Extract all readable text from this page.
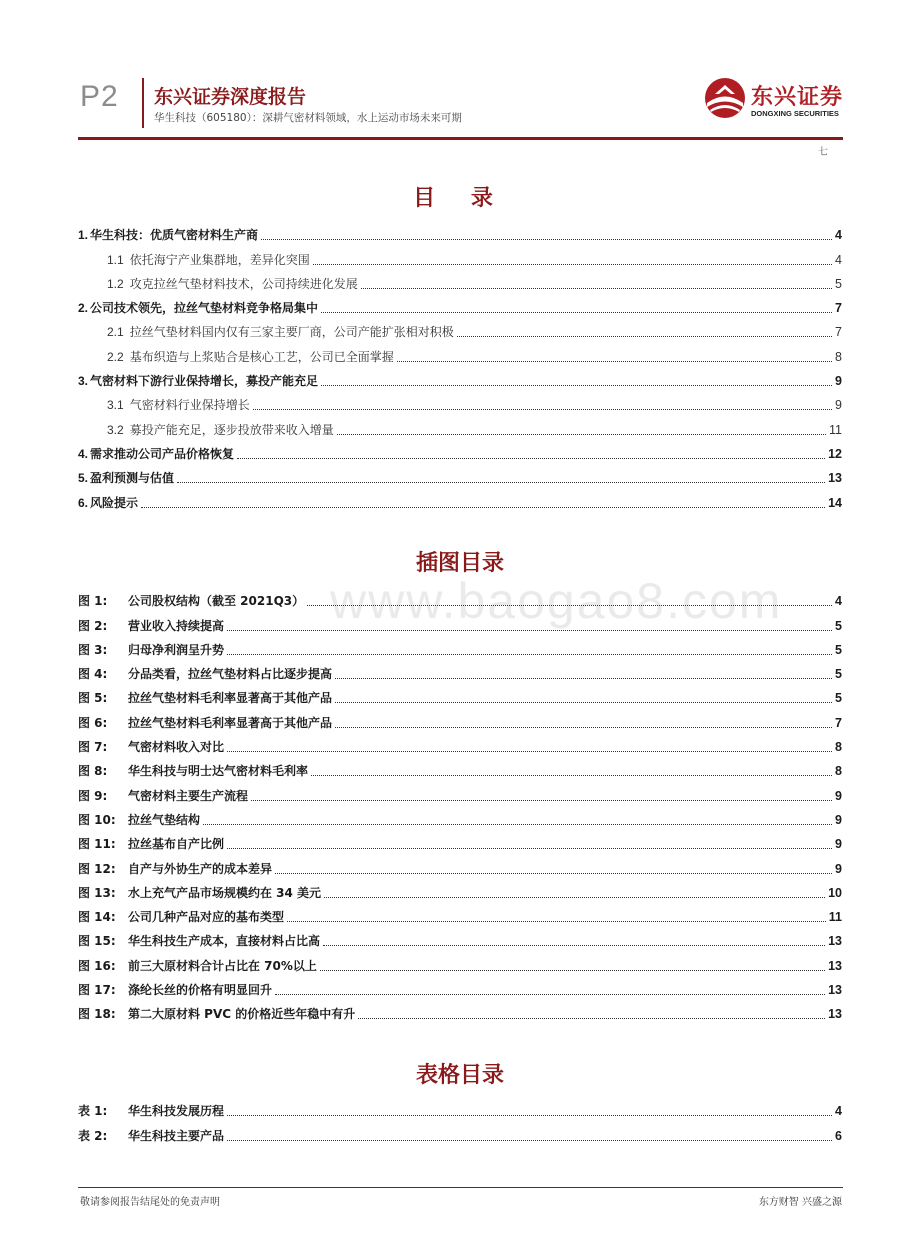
P2 东兴证券深度报告
华生科技（605180）：深耕气密材料领域，水上运动市场未来可期
东兴证券
DONGXING SECURITIES
七
www.baogao8.com
目 录
1. 华生科技：优质气密材料生产商	4
1.1 依托海宁产业集群地，差异化突围	4
1.2 攻克拉丝气垫材料技术，公司持续进化发展	5
2. 公司技术领先，拉丝气垫材料竞争格局集中	7
2.1 拉丝气垫材料国内仅有三家主要厂商，公司产能扩张相对积极	7
2.2 基布织造与上浆贴合是核心工艺，公司已全面掌握	8
3. 气密材料下游行业保持增长，募投产能充足	9
3.1 气密材料行业保持增长	9
3.2 募投产能充足，逐步投放带来收入增量	11
4. 需求推动公司产品价格恢复	12
5. 盈利预测与估值	13
6. 风险提示	14
插图目录
图 1: 公司股权结构（截至 2021Q3）	4
图 2: 营业收入持续提高	5
图 3: 归母净利润呈升势	5
图 4: 分品类看，拉丝气垫材料占比逐步提高	5
图 5: 拉丝气垫材料毛利率显著高于其他产品	5
图 6: 拉丝气垫材料毛利率显著高于其他产品	7
图 7: 气密材料收入对比	8
图 8: 华生科技与明士达气密材料毛利率	8
图 9: 气密材料主要生产流程	9
图 10: 拉丝气垫结构	9
图 11: 拉丝基布自产比例	9
图 12: 自产与外协生产的成本差异	9
图 13: 水上充气产品市场规模约在 34 美元	10
图 14: 公司几种产品对应的基布类型	11
图 15: 华生科技生产成本，直接材料占比高	13
图 16: 前三大原材料合计占比在 70%以上	13
图 17: 涤纶长丝的价格有明显回升	13
图 18: 第二大原材料 PVC 的价格近些年稳中有升	13
表格目录
表 1: 华生科技发展历程	4
表 2: 华生科技主要产品	6
敬请参阅报告结尾处的免责声明	东方财智 兴盛之源
